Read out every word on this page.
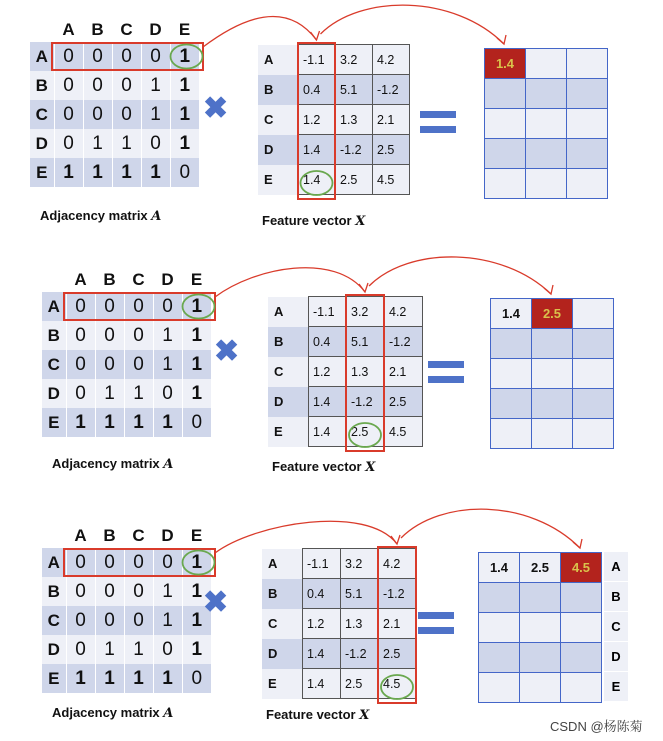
	A	B	C	D	E
A	0	0	0	0	1
B	0	0	0	1	1
C	0	0	0	1	1
D	0	1	1	0	1
E	1	1	1	1	0
Adjacency matrix A
✖
A	-1.1	3.2	4.2
B	0.4	5.1	-1.2
C	1.2	1.3	2.1
D	1.4	-1.2	2.5
E	1.4	2.5	4.5
Feature vector X
1.4		

	A	B	C	D	E
A	0	0	0	0	1
B	0	0	0	1	1
C	0	0	0	1	1
D	0	1	1	0	1
E	1	1	1	1	0
Adjacency matrix A
✖
A	-1.1	3.2	4.2
B	0.4	5.1	-1.2
C	1.2	1.3	2.1
D	1.4	-1.2	2.5
E	1.4	2.5	4.5
Feature vector X
1.4	2.5	

	A	B	C	D	E
A	0	0	0	0	1
B	0	0	0	1	1
C	0	0	0	1	1
D	0	1	1	0	1
E	1	1	1	1	0
Adjacency matrix A
✖
A	-1.1	3.2	4.2
B	0.4	5.1	-1.2
C	1.2	1.3	2.1
D	1.4	-1.2	2.5
E	1.4	2.5	4.5
Feature vector X
1.4	2.5	4.5

			A
B
C
D
E
CSDN @杨陈菊
